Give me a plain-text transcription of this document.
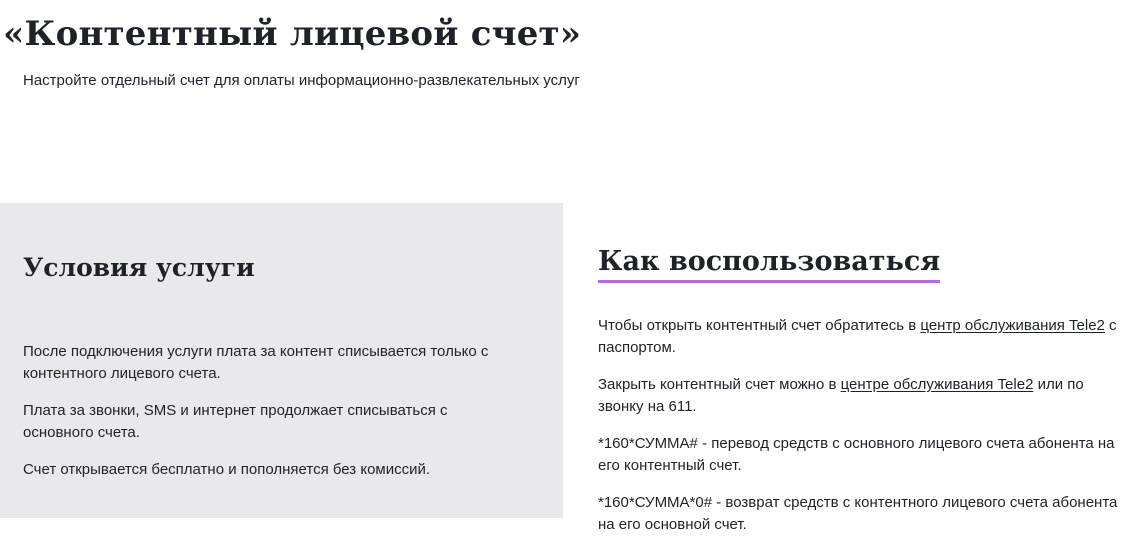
«Контентный лицевой счет»

Настройте отдельный счет для оплаты информационно-развлекательных услуг

Условия услуги

После подключения услуги плата за контент списывается только с контентного лицевого счета.

Плата за звонки, SMS и интернет продолжает списываться с основного счета.

Счет открывается бесплатно и пополняется без комиссий.

Как воспользоваться

Чтобы открыть контентный счет обратитесь в центр обслуживания Tele2 с паспортом.

Закрыть контентный счет можно в центре обслуживания Tele2 или по звонку на 611.

*160*СУММА# - перевод средств с основного лицевого счета абонента на его контентный счет.

*160*СУММА*0# - возврат средств с контентного лицевого счета абонента на его основной счет.
